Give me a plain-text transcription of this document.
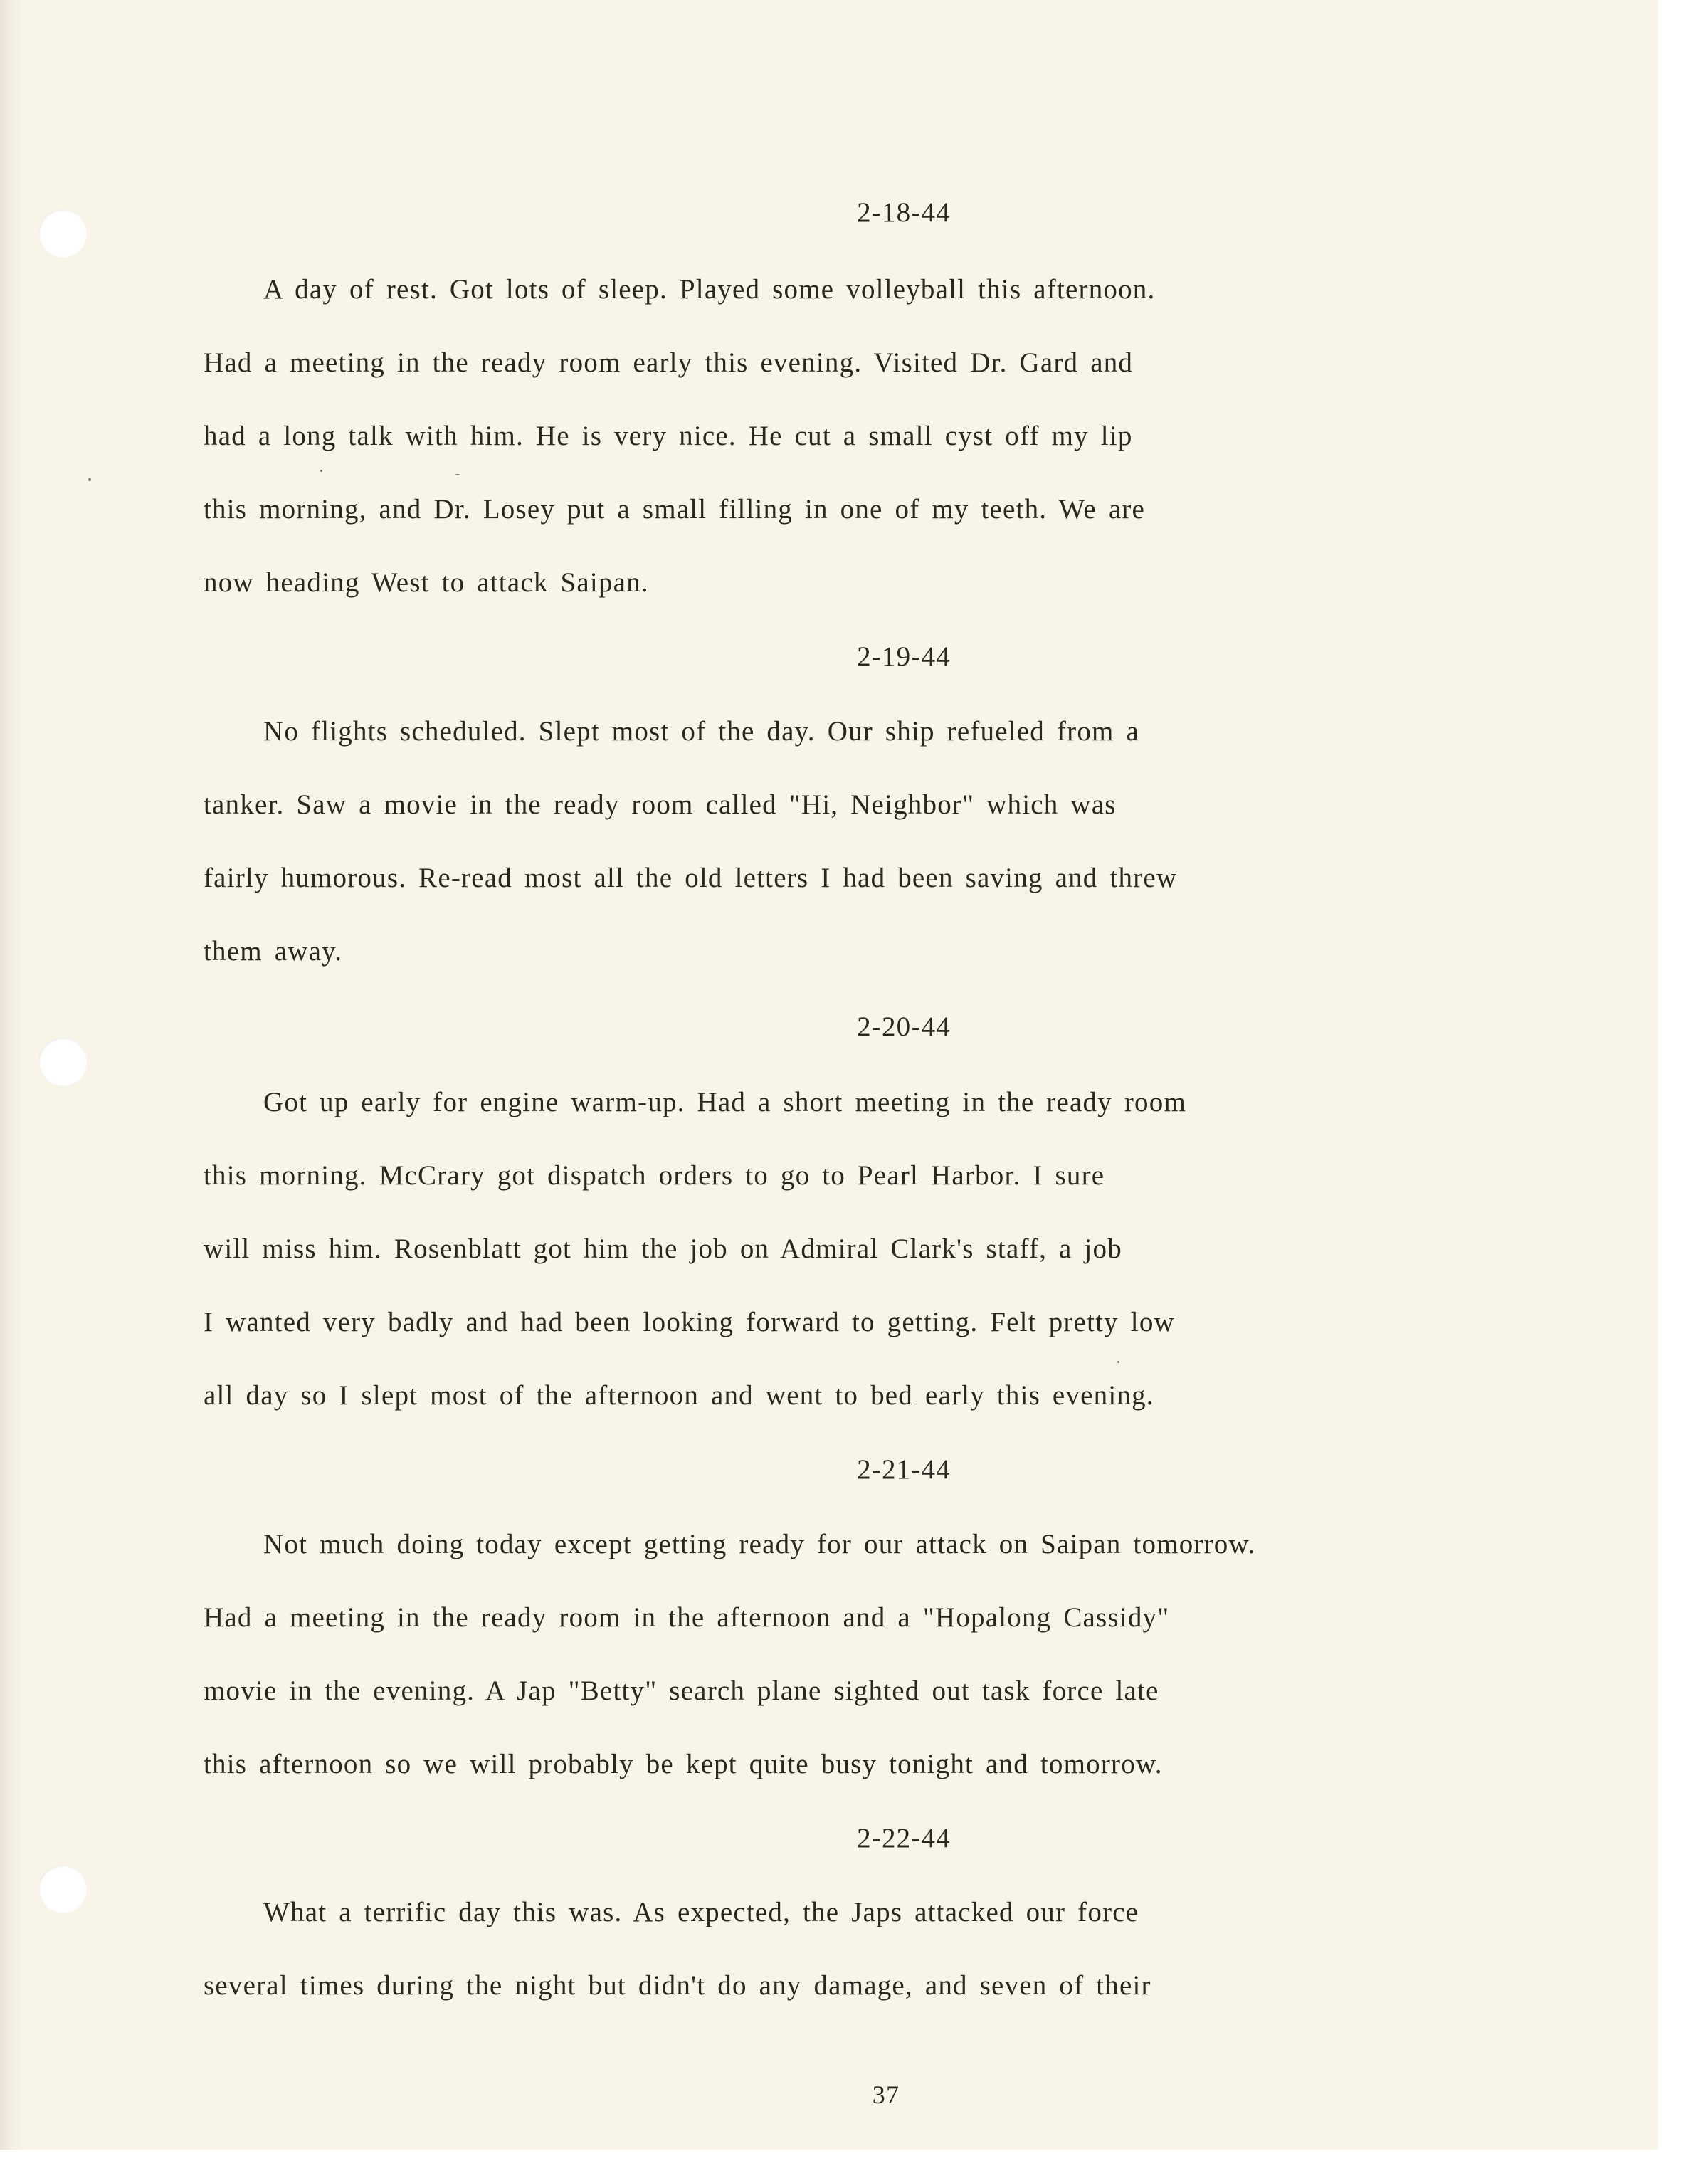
2-18-44
A day of rest. Got lots of sleep. Played some volleyball this afternoon.
Had a meeting in the ready room early this evening. Visited Dr. Gard and
had a long talk with him. He is very nice. He cut a small cyst off my lip
this morning, and Dr. Losey put a small filling in one of my teeth. We are
now heading West to attack Saipan.
2-19-44
No flights scheduled. Slept most of the day. Our ship refueled from a
tanker. Saw a movie in the ready room called "Hi, Neighbor" which was
fairly humorous. Re-read most all the old letters I had been saving and threw
them away.
2-20-44
Got up early for engine warm-up. Had a short meeting in the ready room
this morning. McCrary got dispatch orders to go to Pearl Harbor. I sure
will miss him. Rosenblatt got him the job on Admiral Clark's staff, a job
I wanted very badly and had been looking forward to getting. Felt pretty low
all day so I slept most of the afternoon and went to bed early this evening.
2-21-44
Not much doing today except getting ready for our attack on Saipan tomorrow.
Had a meeting in the ready room in the afternoon and a "Hopalong Cassidy"
movie in the evening. A Jap "Betty" search plane sighted out task force late
this afternoon so we will probably be kept quite busy tonight and tomorrow.
2-22-44
What a terrific day this was. As expected, the Japs attacked our force
several times during the night but didn't do any damage, and seven of their
37
